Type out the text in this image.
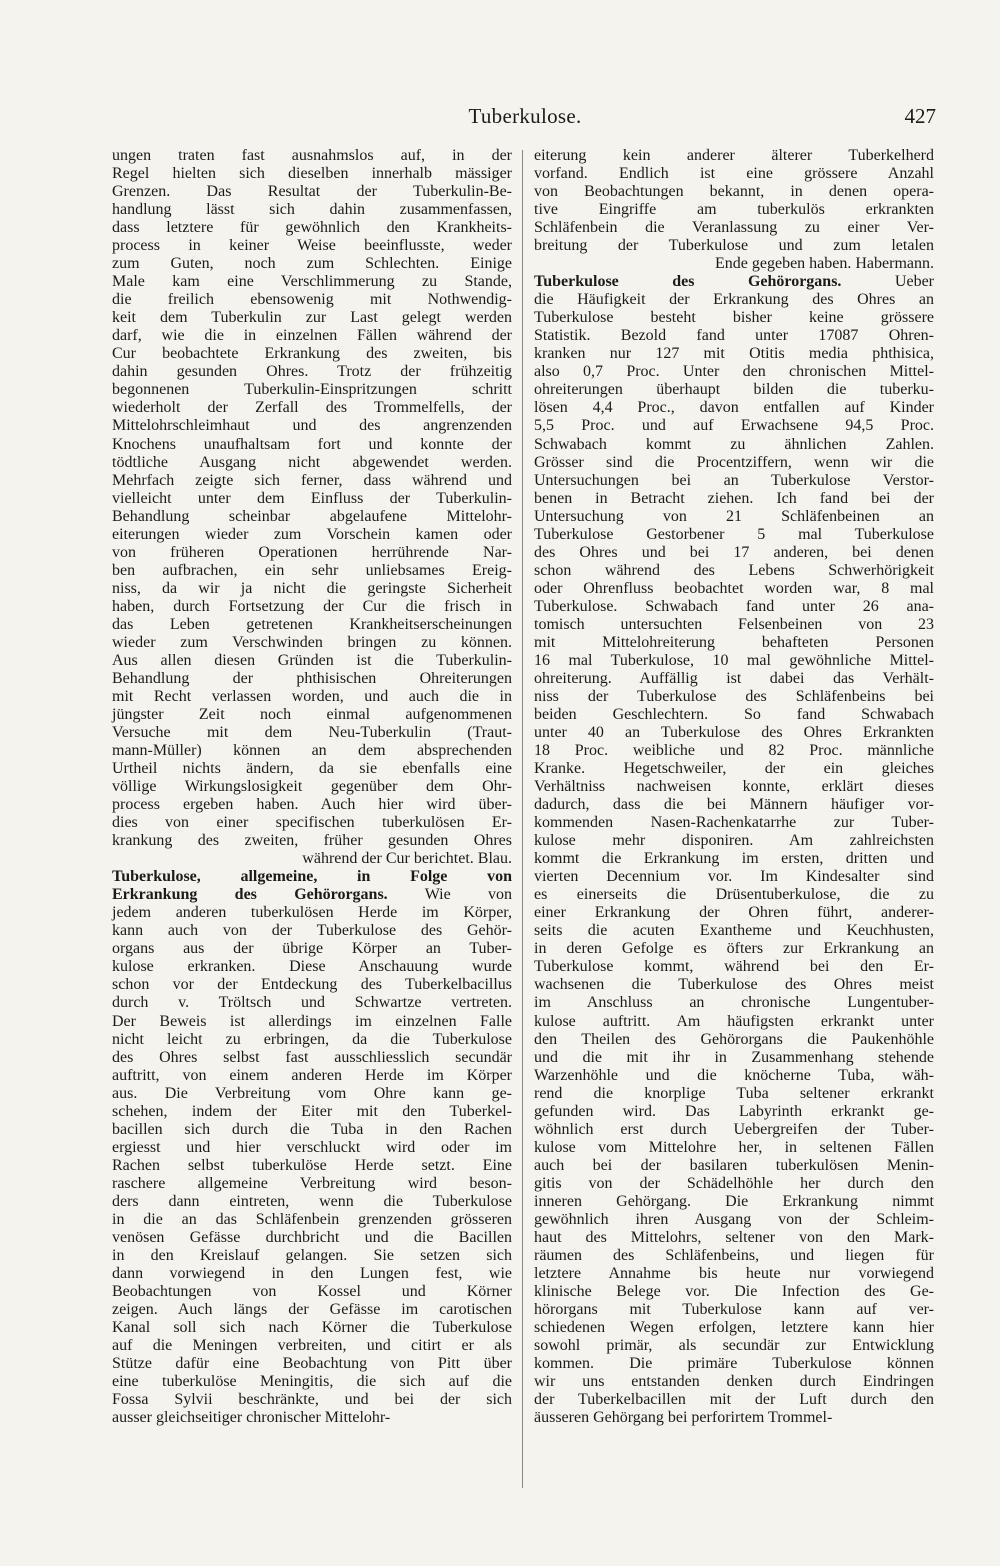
Tuberkulose.	427
ungen traten fast ausnahmslos auf, in der
Regel hielten sich dieselben innerhalb mässiger
Grenzen. Das Resultat der Tuberkulin-Be-
handlung lässt sich dahin zusammenfassen,
dass letztere für gewöhnlich den Krankheits-
process in keiner Weise beeinflusste, weder
zum Guten, noch zum Schlechten. Einige
Male kam eine Verschlimmerung zu Stande,
die freilich ebensowenig mit Nothwendig-
keit dem Tuberkulin zur Last gelegt werden
darf, wie die in einzelnen Fällen während der
Cur beobachtete Erkrankung des zweiten, bis
dahin gesunden Ohres. Trotz der frühzeitig
begonnenen Tuberkulin-Einspritzungen schritt
wiederholt der Zerfall des Trommelfells, der
Mittelohrschleimhaut und des angrenzenden
Knochens unaufhaltsam fort und konnte der
tödtliche Ausgang nicht abgewendet werden.
Mehrfach zeigte sich ferner, dass während und
vielleicht unter dem Einfluss der Tuberkulin-
Behandlung scheinbar abgelaufene Mittelohr-
eiterungen wieder zum Vorschein kamen oder
von früheren Operationen herrührende Nar-
ben aufbrachen, ein sehr unliebsames Ereig-
niss, da wir ja nicht die geringste Sicherheit
haben, durch Fortsetzung der Cur die frisch in
das Leben getretenen Krankheitserscheinungen
wieder zum Verschwinden bringen zu können.
Aus allen diesen Gründen ist die Tuberkulin-
Behandlung der phthisischen Ohreiterungen
mit Recht verlassen worden, und auch die in
jüngster Zeit noch einmal aufgenommenen
Versuche mit dem Neu-Tuberkulin (Traut-
mann-Müller) können an dem absprechenden
Urtheil nichts ändern, da sie ebenfalls eine
völlige Wirkungslosigkeit gegenüber dem Ohr-
process ergeben haben. Auch hier wird über-
dies von einer specifischen tuberkulösen Er-
krankung des zweiten, früher gesunden Ohres
während der Cur berichtet. Blau.
Tuberkulose, allgemeine, in Folge von
Erkrankung des Gehörorgans. Wie von
jedem anderen tuberkulösen Herde im Körper,
kann auch von der Tuberkulose des Gehör-
organs aus der übrige Körper an Tuber-
kulose erkranken. Diese Anschauung wurde
schon vor der Entdeckung des Tuberkelbacillus
durch v. Tröltsch und Schwartze vertreten.
Der Beweis ist allerdings im einzelnen Falle
nicht leicht zu erbringen, da die Tuberkulose
des Ohres selbst fast ausschliesslich secundär
auftritt, von einem anderen Herde im Körper
aus. Die Verbreitung vom Ohre kann ge-
schehen, indem der Eiter mit den Tuberkel-
bacillen sich durch die Tuba in den Rachen
ergiesst und hier verschluckt wird oder im
Rachen selbst tuberkulöse Herde setzt. Eine
raschere allgemeine Verbreitung wird beson-
ders dann eintreten, wenn die Tuberkulose
in die an das Schläfenbein grenzenden grösseren
venösen Gefässe durchbricht und die Bacillen
in den Kreislauf gelangen. Sie setzen sich
dann vorwiegend in den Lungen fest, wie
Beobachtungen von Kossel und Körner
zeigen. Auch längs der Gefässe im carotischen
Kanal soll sich nach Körner die Tuberkulose
auf die Meningen verbreiten, und citirt er als
Stütze dafür eine Beobachtung von Pitt über
eine tuberkulöse Meningitis, die sich auf die
Fossa Sylvii beschränkte, und bei der sich
ausser gleichseitiger chronischer Mittelohr-
eiterung kein anderer älterer Tuberkelherd
vorfand. Endlich ist eine grössere Anzahl
von Beobachtungen bekannt, in denen opera-
tive Eingriffe am tuberkulös erkrankten
Schläfenbein die Veranlassung zu einer Ver-
breitung der Tuberkulose und zum letalen
Ende gegeben haben. Habermann.
Tuberkulose des Gehörorgans. Ueber
die Häufigkeit der Erkrankung des Ohres an
Tuberkulose besteht bisher keine grössere
Statistik. Bezold fand unter 17087 Ohren-
kranken nur 127 mit Otitis media phthisica,
also 0,7 Proc. Unter den chronischen Mittel-
ohreiterungen überhaupt bilden die tuberku-
lösen 4,4 Proc., davon entfallen auf Kinder
5,5 Proc. und auf Erwachsene 94,5 Proc.
Schwabach kommt zu ähnlichen Zahlen.
Grösser sind die Procentziffern, wenn wir die
Untersuchungen bei an Tuberkulose Verstor-
benen in Betracht ziehen. Ich fand bei der
Untersuchung von 21 Schläfenbeinen an
Tuberkulose Gestorbener 5 mal Tuberkulose
des Ohres und bei 17 anderen, bei denen
schon während des Lebens Schwerhörigkeit
oder Ohrenfluss beobachtet worden war, 8 mal
Tuberkulose. Schwabach fand unter 26 ana-
tomisch untersuchten Felsenbeinen von 23
mit Mittelohreiterung behafteten Personen
16 mal Tuberkulose, 10 mal gewöhnliche Mittel-
ohreiterung. Auffällig ist dabei das Verhält-
niss der Tuberkulose des Schläfenbeins bei
beiden Geschlechtern. So fand Schwabach
unter 40 an Tuberkulose des Ohres Erkrankten
18 Proc. weibliche und 82 Proc. männliche
Kranke. Hegetschweiler, der ein gleiches
Verhältniss nachweisen konnte, erklärt dieses
dadurch, dass die bei Männern häufiger vor-
kommenden Nasen-Rachenkatarrhe zur Tuber-
kulose mehr disponiren. Am zahlreichsten
kommt die Erkrankung im ersten, dritten und
vierten Decennium vor. Im Kindesalter sind
es einerseits die Drüsentuberkulose, die zu
einer Erkrankung der Ohren führt, anderer-
seits die acuten Exantheme und Keuchhusten,
in deren Gefolge es öfters zur Erkrankung an
Tuberkulose kommt, während bei den Er-
wachsenen die Tuberkulose des Ohres meist
im Anschluss an chronische Lungentuber-
kulose auftritt. Am häufigsten erkrankt unter
den Theilen des Gehörorgans die Paukenhöhle
und die mit ihr in Zusammenhang stehende
Warzenhöhle und die knöcherne Tuba, wäh-
rend die knorplige Tuba seltener erkrankt
gefunden wird. Das Labyrinth erkrankt ge-
wöhnlich erst durch Uebergreifen der Tuber-
kulose vom Mittelohre her, in seltenen Fällen
auch bei der basilaren tuberkulösen Menin-
gitis von der Schädelhöhle her durch den
inneren Gehörgang. Die Erkrankung nimmt
gewöhnlich ihren Ausgang von der Schleim-
haut des Mittelohrs, seltener von den Mark-
räumen des Schläfenbeins, und liegen für
letztere Annahme bis heute nur vorwiegend
klinische Belege vor. Die Infection des Ge-
hörorgans mit Tuberkulose kann auf ver-
schiedenen Wegen erfolgen, letztere kann hier
sowohl primär, als secundär zur Entwicklung
kommen. Die primäre Tuberkulose können
wir uns entstanden denken durch Eindringen
der Tuberkelbacillen mit der Luft durch den
äusseren Gehörgang bei perforirtem Trommel-
